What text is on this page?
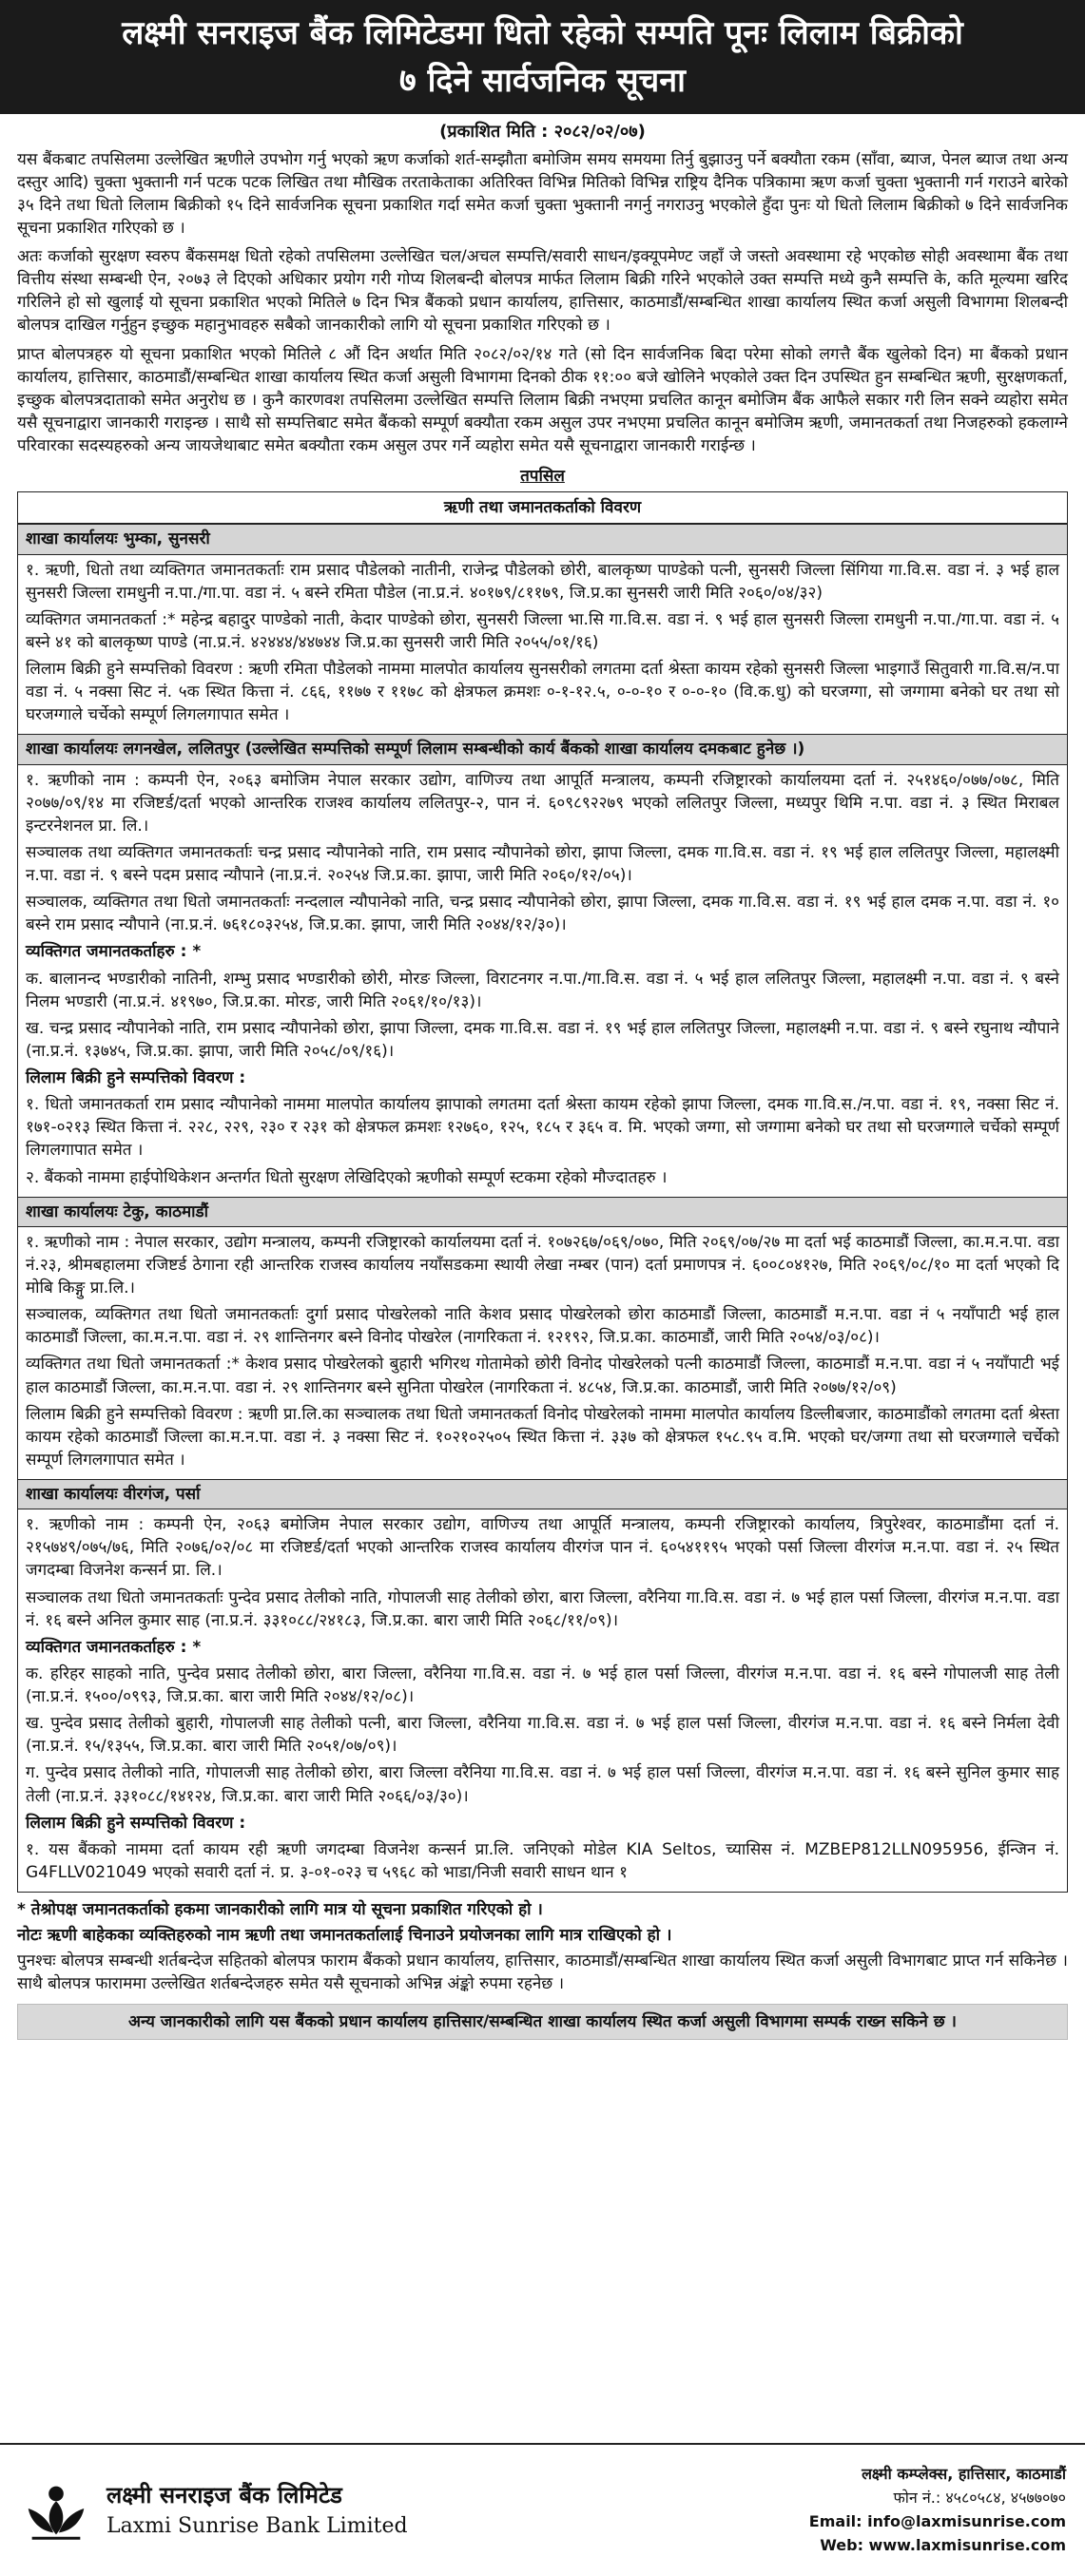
लक्ष्मी सनराइज बैंक लिमिटेडमा धितो रहेको सम्पति पूनः लिलाम बिक्रीको
७ दिने सार्वजनिक सूचना
(प्रकाशित मिति : २०८२/०२/०७)

यस बैंकबाट तपसिलमा उल्लेखित ऋणीले उपभोग गर्नु भएको ऋण कर्जाको शर्त-सम्झौता बमोजिम समय समयमा तिर्नु बुझाउनु पर्ने बक्यौता रकम (साँवा, ब्याज, पेनल ब्याज तथा अन्य दस्तुर आदि) चुक्ता भुक्तानी गर्न पटक पटक लिखित तथा मौखिक तरताकेताका अतिरिक्त विभिन्न मितिको विभिन्न राष्ट्रिय दैनिक पत्रिकामा ऋण कर्जा चुक्ता भुक्तानी गर्न गराउने बारेको ३५ दिने तथा धितो लिलाम बिक्रीको १५ दिने सार्वजनिक सूचना प्रकाशित गर्दा समेत कर्जा चुक्ता भुक्तानी नगर्नु नगराउनु भएकोले हुँदा पुनः यो धितो लिलाम बिक्रीको ७ दिने सार्वजनिक सूचना प्रकाशित गरिएको छ ।

अतः कर्जाको सुरक्षण स्वरुप बैंकसमक्ष धितो रहेको तपसिलमा उल्लेखित चल/अचल सम्पत्ति/सवारी साधन/इक्यूपमेण्ट जहाँ जे जस्तो अवस्थामा रहे भएकोछ सोही अवस्थामा बैंक तथा वित्तीय संस्था सम्बन्धी ऐन, २०७३ ले दिएको अधिकार प्रयोग गरी गोप्य शिलबन्दी बोलपत्र मार्फत लिलाम बिक्री गरिने भएकोले उक्त सम्पत्ति मध्ये कुनै सम्पत्ति के, कति मूल्यमा खरिद गरिलिने हो सो खुलाई यो सूचना प्रकाशित भएको मितिले ७ दिन भित्र बैंकको प्रधान कार्यालय, हात्तिसार, काठमाडौं/सम्बन्धित शाखा कार्यालय स्थित कर्जा असुली विभागमा शिलबन्दी बोलपत्र दाखिल गर्नुहुन इच्छुक महानुभावहरु सबैको जानकारीको लागि यो सूचना प्रकाशित गरिएको छ ।

प्राप्त बोलपत्रहरु यो सूचना प्रकाशित भएको मितिले ८ औं दिन अर्थात मिति २०८२/०२/१४ गते (सो दिन सार्वजनिक बिदा परेमा सोको लगत्तै बैंक खुलेको दिन) मा बैंकको प्रधान कार्यालय, हात्तिसार, काठमाडौं/सम्बन्धित शाखा कार्यालय स्थित कर्जा असुली विभागमा दिनको ठीक ११:०० बजे खोलिने भएकोले उक्त दिन उपस्थित हुन सम्बन्धित ऋणी, सुरक्षणकर्ता, इच्छुक बोलपत्रदाताको समेत अनुरोध छ । कुनै कारणवश तपसिलमा उल्लेखित सम्पत्ति लिलाम बिक्री नभएमा प्रचलित कानून बमोजिम बैंक आफैले सकार गरी लिन सक्ने व्यहोरा समेत यसै सूचनाद्वारा जानकारी गराइन्छ । साथै सो सम्पत्तिबाट समेत बैंकको सम्पूर्ण बक्यौता रकम असुल उपर नभएमा प्रचलित कानून बमोजिम ऋणी, जमानतकर्ता तथा निजहरुको हकलाग्ने परिवारका सदस्यहरुको अन्य जायजेथाबाट समेत बक्यौता रकम असुल उपर गर्ने व्यहोरा समेत यसै सूचनाद्वारा जानकारी गराईन्छ ।

तपसिल
ऋणी तथा जमानतकर्ताको विवरण
शाखा कार्यालयः भुम्का, सुनसरी

१. ऋणी, धितो तथा व्यक्तिगत जमानतकर्ताः राम प्रसाद पौडेलको नातीनी, राजेन्द्र पौडेलको छोरी, बालकृष्ण पाण्डेको पत्नी, सुनसरी जिल्ला सिंगिया गा.वि.स. वडा नं. ३ भई हाल सुनसरी जिल्ला रामधुनी न.पा./गा.पा. वडा नं. ५ बस्ने रमिता पौडेल (ना.प्र.नं. ४०१७९/८११७९, जि.प्र.का सुनसरी जारी मिति २०६०/०४/३२)

व्यक्तिगत जमानतकर्ता :* महेन्द्र बहादुर पाण्डेको नाती, केदार पाण्डेको छोरा, सुनसरी जिल्ला भा.सि गा.वि.स. वडा नं. ९ भई हाल सुनसरी जिल्ला रामधुनी न.पा./गा.पा. वडा नं. ५ बस्ने ४१ को बालकृष्ण पाण्डे (ना.प्र.नं. ४२४४४/४४७४४ जि.प्र.का सुनसरी जारी मिति २०५५/०१/१६)

लिलाम बिक्री हुने सम्पत्तिको विवरण : ऋणी रमिता पौडेलको नाममा मालपोत कार्यालय सुनसरीको लगतमा दर्ता श्रेस्ता कायम रहेको सुनसरी जिल्ला भाइगाउँ सितुवारी गा.वि.स/न.पा वडा नं. ५ नक्सा सिट नं. ५क स्थित कित्ता नं. ८६६, ११७७ र ११७८ को क्षेत्रफल क्रमशः ०-१-१२.५, ०-०-१० र ०-०-१० (वि.क.धु) को घरजग्गा, सो जग्गामा बनेको घर तथा सो घरजग्गाले चर्चेको सम्पूर्ण लिगलगापात समेत ।

शाखा कार्यालयः लगनखेल, ललितपुर (उल्लेखित सम्पत्तिको सम्पूर्ण लिलाम सम्बन्धीको कार्य बैंकको शाखा कार्यालय दमकबाट हुनेछ ।)

१. ऋणीको नाम : कम्पनी ऐन, २०६३ बमोजिम नेपाल सरकार उद्योग, वाणिज्य तथा आपूर्ति मन्त्रालय, कम्पनी रजिष्ट्रारको कार्यालयमा दर्ता नं. २५१४६०/०७७/०७८, मिति २०७७/०९/१४ मा रजिष्टर्ड/दर्ता भएको आन्तरिक राजश्व कार्यालय ललितपुर-२, पान नं. ६०९८९२२७९ भएको ललितपुर जिल्ला, मध्यपुर थिमि न.पा. वडा नं. ३ स्थित मिराबल इन्टरनेशनल प्रा. लि.।

सञ्चालक तथा व्यक्तिगत जमानतकर्ताः चन्द्र प्रसाद न्यौपानेको नाति, राम प्रसाद न्यौपानेको छोरा, झापा जिल्ला, दमक गा.वि.स. वडा नं. १९ भई हाल ललितपुर जिल्ला, महालक्ष्मी न.पा. वडा नं. ९ बस्ने पदम प्रसाद न्यौपाने (ना.प्र.नं. २०२५४ जि.प्र.का. झापा, जारी मिति २०६०/१२/०५)।

सञ्चालक, व्यक्तिगत तथा धितो जमानतकर्ताः नन्दलाल न्यौपानेको नाति, चन्द्र प्रसाद न्यौपानेको छोरा, झापा जिल्ला, दमक गा.वि.स. वडा नं. १९ भई हाल दमक न.पा. वडा नं. १० बस्ने राम प्रसाद न्यौपाने (ना.प्र.नं. ७६१८०३२५४, जि.प्र.का. झापा, जारी मिति २०४४/१२/३०)।

व्यक्तिगत जमानतकर्ताहरु : *

क. बालानन्द भण्डारीको नातिनी, शम्भु प्रसाद भण्डारीको छोरी, मोरङ जिल्ला, विराटनगर न.पा./गा.वि.स. वडा नं. ५ भई हाल ललितपुर जिल्ला, महालक्ष्मी न.पा. वडा नं. ९ बस्ने निलम भण्डारी (ना.प्र.नं. ४१९७०, जि.प्र.का. मोरङ, जारी मिति २०६१/१०/१३)।

ख. चन्द्र प्रसाद न्यौपानेको नाति, राम प्रसाद न्यौपानेको छोरा, झापा जिल्ला, दमक गा.वि.स. वडा नं. १९ भई हाल ललितपुर जिल्ला, महालक्ष्मी न.पा. वडा नं. ९ बस्ने रघुनाथ न्यौपाने (ना.प्र.नं. १३७४५, जि.प्र.का. झापा, जारी मिति २०५८/०९/१६)।

लिलाम बिक्री हुने सम्पत्तिको विवरण :

१. धितो जमानतकर्ता राम प्रसाद न्यौपानेको नाममा मालपोत कार्यालय झापाको लगतमा दर्ता श्रेस्ता कायम रहेको झापा जिल्ला, दमक गा.वि.स./न.पा. वडा नं. १९, नक्सा सिट नं. १७१-०२१३ स्थित कित्ता नं. २२८, २२९, २३० र २३१ को क्षेत्रफल क्रमशः १२७६०, १२५, १८५ र ३६५ व. मि. भएको जग्गा, सो जग्गामा बनेको घर तथा सो घरजग्गाले चर्चेको सम्पूर्ण लिगलगापात समेत ।

२. बैंकको नाममा हाईपोथिकेशन अन्तर्गत धितो सुरक्षण लेखिदिएको ऋणीको सम्पूर्ण स्टकमा रहेको मौज्दातहरु ।

शाखा कार्यालयः टेकु, काठमाडौं

१. ऋणीको नाम : नेपाल सरकार, उद्योग मन्त्रालय, कम्पनी रजिष्ट्रारको कार्यालयमा दर्ता नं. १०७२६७/०६९/०७०, मिति २०६९/०७/२७ मा दर्ता भई काठमाडौं जिल्ला, का.म.न.पा. वडा नं.२३, श्रीमबहालमा रजिष्टर्ड ठेगाना रही आन्तरिक राजस्व कार्यालय नयाँसडकमा स्थायी लेखा नम्बर (पान) दर्ता प्रमाणपत्र नं. ६००८०४१२७, मिति २०६९/०८/१० मा दर्ता भएको दि मोबि किङ्गु प्रा.लि.।

सञ्चालक, व्यक्तिगत तथा धितो जमानतकर्ताः दुर्गा प्रसाद पोखरेलको नाति केशव प्रसाद पोखरेलको छोरा काठमाडौं जिल्ला, काठमाडौं म.न.पा. वडा नं ५ नयाँपाटी भई हाल काठमाडौं जिल्ला, का.म.न.पा. वडा नं. २९ शान्तिनगर बस्ने विनोद पोखरेल (नागरिकता नं. १२१९२, जि.प्र.का. काठमाडौं, जारी मिति २०५४/०३/०८)।

व्यक्तिगत तथा धितो जमानतकर्ता :* केशव प्रसाद पोखरेलको बुहारी भगिरथ गोतामेको छोरी विनोद पोखरेलको पत्नी काठमाडौं जिल्ला, काठमाडौं म.न.पा. वडा नं ५ नयाँपाटी भई हाल काठमाडौं जिल्ला, का.म.न.पा. वडा नं. २९ शान्तिनगर बस्ने सुनिता पोखरेल (नागरिकता नं. ४८५४, जि.प्र.का. काठमाडौं, जारी मिति २०७७/१२/०९)

लिलाम बिक्री हुने सम्पत्तिको विवरण : ऋणी प्रा.लि.का सञ्चालक तथा धितो जमानतकर्ता विनोद पोखरेलको नाममा मालपोत कार्यालय डिल्लीबजार, काठमाडौंको लगतमा दर्ता श्रेस्ता कायम रहेको काठमाडौं जिल्ला का.म.न.पा. वडा नं. ३ नक्सा सिट नं. १०२१०२५०५ स्थित कित्ता नं. ३३७ को क्षेत्रफल १५८.९५ व.मि. भएको घर/जग्गा तथा सो घरजग्गाले चर्चेको सम्पूर्ण लिगलगापात समेत ।

शाखा कार्यालयः वीरगंज, पर्सा

१. ऋणीको नाम : कम्पनी ऐन, २०६३ बमोजिम नेपाल सरकार उद्योग, वाणिज्य तथा आपूर्ति मन्त्रालय, कम्पनी रजिष्ट्रारको कार्यालय, त्रिपुरेश्वर, काठमाडौंमा दर्ता नं. २१५७४९/०७५/७६, मिति २०७६/०२/०८ मा रजिष्टर्ड/दर्ता भएको आन्तरिक राजस्व कार्यालय वीरगंज पान नं. ६०५४११९५ भएको पर्सा जिल्ला वीरगंज म.न.पा. वडा नं. २५ स्थित जगदम्बा विजनेश कन्सर्न प्रा. लि.।

सञ्चालक तथा धितो जमानतकर्ताः पुन्देव प्रसाद तेलीको नाति, गोपालजी साह तेलीको छोरा, बारा जिल्ला, वरैनिया गा.वि.स. वडा नं. ७ भई हाल पर्सा जिल्ला, वीरगंज म.न.पा. वडा नं. १६ बस्ने अनिल कुमार साह (ना.प्र.नं. ३३१०८८/२४१८३, जि.प्र.का. बारा जारी मिति २०६८/११/०९)।

व्यक्तिगत जमानतकर्ताहरु : *

क. हरिहर साहको नाति, पुन्देव प्रसाद तेलीको छोरा, बारा जिल्ला, वरैनिया गा.वि.स. वडा नं. ७ भई हाल पर्सा जिल्ला, वीरगंज म.न.पा. वडा नं. १६ बस्ने गोपालजी साह तेली (ना.प्र.नं. १५००/०९९३, जि.प्र.का. बारा जारी मिति २०४४/१२/०८)।

ख. पुन्देव प्रसाद तेलीको बुहारी, गोपालजी साह तेलीको पत्नी, बारा जिल्ला, वरैनिया गा.वि.स. वडा नं. ७ भई हाल पर्सा जिल्ला, वीरगंज म.न.पा. वडा नं. १६ बस्ने निर्मला देवी (ना.प्र.नं. १५/१३५५, जि.प्र.का. बारा जारी मिति २०५१/०७/०९)।

ग. पुन्देव प्रसाद तेलीको नाति, गोपालजी साह तेलीको छोरा, बारा जिल्ला वरैनिया गा.वि.स. वडा नं. ७ भई हाल पर्सा जिल्ला, वीरगंज म.न.पा. वडा नं. १६ बस्ने सुनिल कुमार साह तेली (ना.प्र.नं. ३३१०८८/१४१२४, जि.प्र.का. बारा जारी मिति २०६६/०३/३०)।

लिलाम बिक्री हुने सम्पत्तिको विवरण :

१. यस बैंकको नाममा दर्ता कायम रही ऋणी जगदम्बा विजनेश कन्सर्न प्रा.लि. जनिएको मोडेल KIA Seltos, च्यासिस नं. MZBEP812LLN095956, ईन्जिन नं. G4FLLV021049 भएको सवारी दर्ता नं. प्र. ३-०१-०२३ च ५९६८ को भाडा/निजी सवारी साधन थान १

* तेश्रोपक्ष जमानतकर्ताको हकमा जानकारीको लागि मात्र यो सूचना प्रकाशित गरिएको हो ।

नोटः ऋणी बाहेकका व्यक्तिहरुको नाम ऋणी तथा जमानतकर्तालाई चिनाउने प्रयोजनका लागि मात्र राखिएको हो ।

पुनश्चः बोलपत्र सम्बन्धी शर्तबन्देज सहितको बोलपत्र फाराम बैंकको प्रधान कार्यालय, हात्तिसार, काठमाडौं/सम्बन्धित शाखा कार्यालय स्थित कर्जा असुली विभागबाट प्राप्त गर्न सकिनेछ । साथै बोलपत्र फाराममा उल्लेखित शर्तबन्देजहरु समेत यसै सूचनाको अभिन्न अंङ्को रुपमा रहनेछ ।

अन्य जानकारीको लागि यस बैंकको प्रधान कार्यालय हात्तिसार/सम्बन्धित शाखा कार्यालय स्थित कर्जा असुली विभागमा सम्पर्क राख्न सकिने छ ।
लक्ष्मी सनराइज बैंक लिमिटेड
Laxmi Sunrise Bank Limited
लक्ष्मी कम्प्लेक्स, हात्तिसार, काठमाडौं
फोन नं.: ४५८०५८४, ४५७७०७०
Email: info@laxmisunrise.com
Web: www.laxmisunrise.com
